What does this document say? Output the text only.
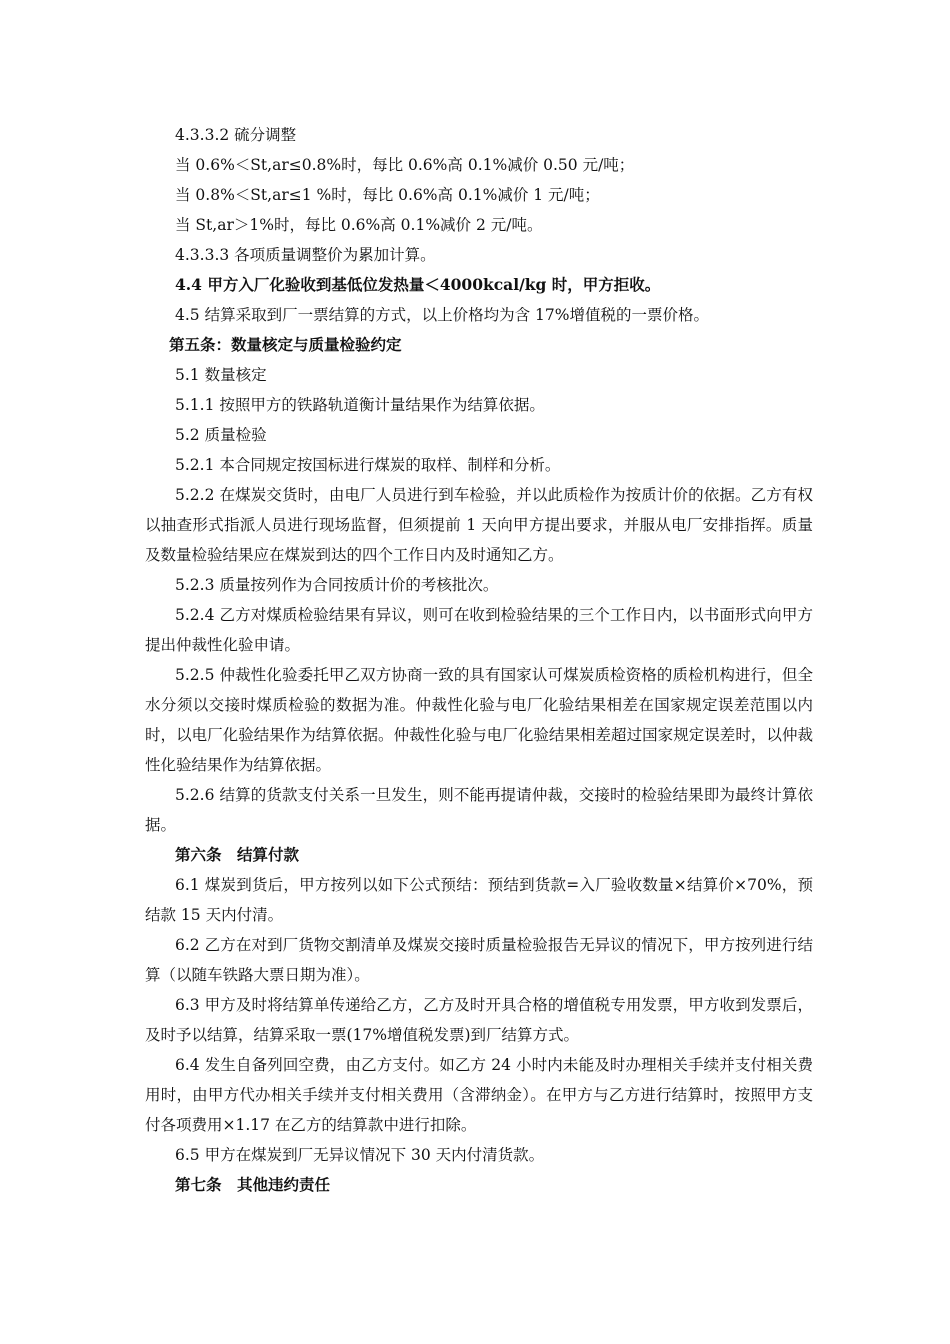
4.3.3.2 硫分调整

当 0.6%＜St,ar≤0.8%时，每比 0.6%高 0.1%减价 0.50 元/吨；

当 0.8%＜St,ar≤1 %时，每比 0.6%高 0.1%减价 1 元/吨；

当 St,ar＞1%时，每比 0.6%高 0.1%减价 2 元/吨。

4.3.3.3 各项质量调整价为累加计算。

4.4 甲方入厂化验收到基低位发热量＜4000kcal/kg 时，甲方拒收。

4.5 结算采取到厂一票结算的方式，以上价格均为含 17%增值税的一票价格。

第五条：数量核定与质量检验约定

5.1 数量核定

5.1.1 按照甲方的铁路轨道衡计量结果作为结算依据。

5.2 质量检验

5.2.1 本合同规定按国标进行煤炭的取样、制样和分析。

5.2.2 在煤炭交货时，由电厂人员进行到车检验，并以此质检作为按质计价的依据。乙方有权以抽查形式指派人员进行现场监督，但须提前 1 天向甲方提出要求，并服从电厂安排指挥。质量及数量检验结果应在煤炭到达的四个工作日内及时通知乙方。

5.2.3 质量按列作为合同按质计价的考核批次。

5.2.4 乙方对煤质检验结果有异议，则可在收到检验结果的三个工作日内，以书面形式向甲方提出仲裁性化验申请。

5.2.5 仲裁性化验委托甲乙双方协商一致的具有国家认可煤炭质检资格的质检机构进行，但全水分须以交接时煤质检验的数据为准。仲裁性化验与电厂化验结果相差在国家规定误差范围以内时，以电厂化验结果作为结算依据。仲裁性化验与电厂化验结果相差超过国家规定误差时，以仲裁性化验结果作为结算依据。

5.2.6 结算的货款支付关系一旦发生，则不能再提请仲裁，交接时的检验结果即为最终计算依据。

第六条　结算付款

6.1 煤炭到货后，甲方按列以如下公式预结：预结到货款=入厂验收数量×结算价×70%，预结款 15 天内付清。

6.2 乙方在对到厂货物交割清单及煤炭交接时质量检验报告无异议的情况下，甲方按列进行结算（以随车铁路大票日期为准）。

6.3 甲方及时将结算单传递给乙方，乙方及时开具合格的增值税专用发票，甲方收到发票后，及时予以结算，结算采取一票(17%增值税发票)到厂结算方式。

6.4 发生自备列回空费，由乙方支付。如乙方 24 小时内未能及时办理相关手续并支付相关费用时，由甲方代办相关手续并支付相关费用（含滞纳金）。在甲方与乙方进行结算时，按照甲方支付各项费用×1.17 在乙方的结算款中进行扣除。

6.5 甲方在煤炭到厂无异议情况下 30 天内付清货款。

第七条　其他违约责任
